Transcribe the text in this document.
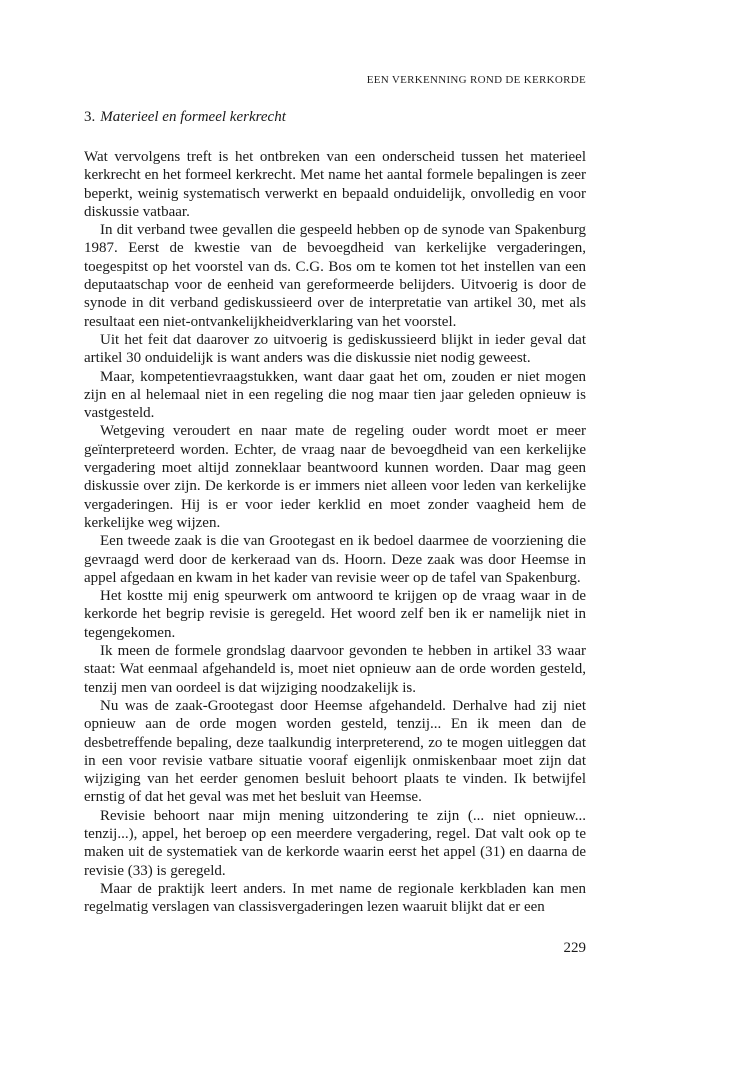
EEN VERKENNING ROND DE KERKORDE
3. Materieel en formeel kerkrecht

Wat vervolgens treft is het ontbreken van een onderscheid tussen het materieel kerkrecht en het formeel kerkrecht. Met name het aantal formele bepalingen is zeer beperkt, weinig systematisch verwerkt en bepaald onduidelijk, onvolledig en voor diskussie vatbaar.

In dit verband twee gevallen die gespeeld hebben op de synode van Spakenburg 1987. Eerst de kwestie van de bevoegdheid van kerkelijke vergaderingen, toegespitst op het voorstel van ds. C.G. Bos om te komen tot het instellen van een deputaatschap voor de eenheid van gereformeerde belijders. Uitvoerig is door de synode in dit verband gediskussieerd over de interpretatie van artikel 30, met als resultaat een niet-ontvankelijkheidverklaring van het voorstel.

Uit het feit dat daarover zo uitvoerig is gediskussieerd blijkt in ieder geval dat artikel 30 onduidelijk is want anders was die diskussie niet nodig geweest.

Maar, kompetentievraagstukken, want daar gaat het om, zouden er niet mogen zijn en al helemaal niet in een regeling die nog maar tien jaar geleden opnieuw is vastgesteld.

Wetgeving veroudert en naar mate de regeling ouder wordt moet er meer geïnterpreteerd worden. Echter, de vraag naar de bevoegdheid van een kerkelijke vergadering moet altijd zonneklaar beantwoord kunnen worden. Daar mag geen diskussie over zijn. De kerkorde is er immers niet alleen voor leden van kerkelijke vergaderingen. Hij is er voor ieder kerklid en moet zonder vaagheid hem de kerkelijke weg wijzen.

Een tweede zaak is die van Grootegast en ik bedoel daarmee de voorziening die gevraagd werd door de kerkeraad van ds. Hoorn. Deze zaak was door Heemse in appel afgedaan en kwam in het kader van revisie weer op de tafel van Spakenburg.

Het kostte mij enig speurwerk om antwoord te krijgen op de vraag waar in de kerkorde het begrip revisie is geregeld. Het woord zelf ben ik er namelijk niet in tegengekomen.

Ik meen de formele grondslag daarvoor gevonden te hebben in artikel 33 waar staat: Wat eenmaal afgehandeld is, moet niet opnieuw aan de orde worden gesteld, tenzij men van oordeel is dat wijziging noodzakelijk is.

Nu was de zaak-Grootegast door Heemse afgehandeld. Derhalve had zij niet opnieuw aan de orde mogen worden gesteld, tenzij... En ik meen dan de desbetreffende bepaling, deze taalkundig interpreterend, zo te mogen uitleggen dat in een voor revisie vatbare situatie vooraf eigenlijk onmiskenbaar moet zijn dat wijziging van het eerder genomen besluit behoort plaats te vinden. Ik betwijfel ernstig of dat het geval was met het besluit van Heemse.

Revisie behoort naar mijn mening uitzondering te zijn (... niet opnieuw... tenzij...), appel, het beroep op een meerdere vergadering, regel. Dat valt ook op te maken uit de systematiek van de kerkorde waarin eerst het appel (31) en daarna de revisie (33) is geregeld.

Maar de praktijk leert anders. In met name de regionale kerkbladen kan men regelmatig verslagen van classisvergaderingen lezen waaruit blijkt dat er een

229
